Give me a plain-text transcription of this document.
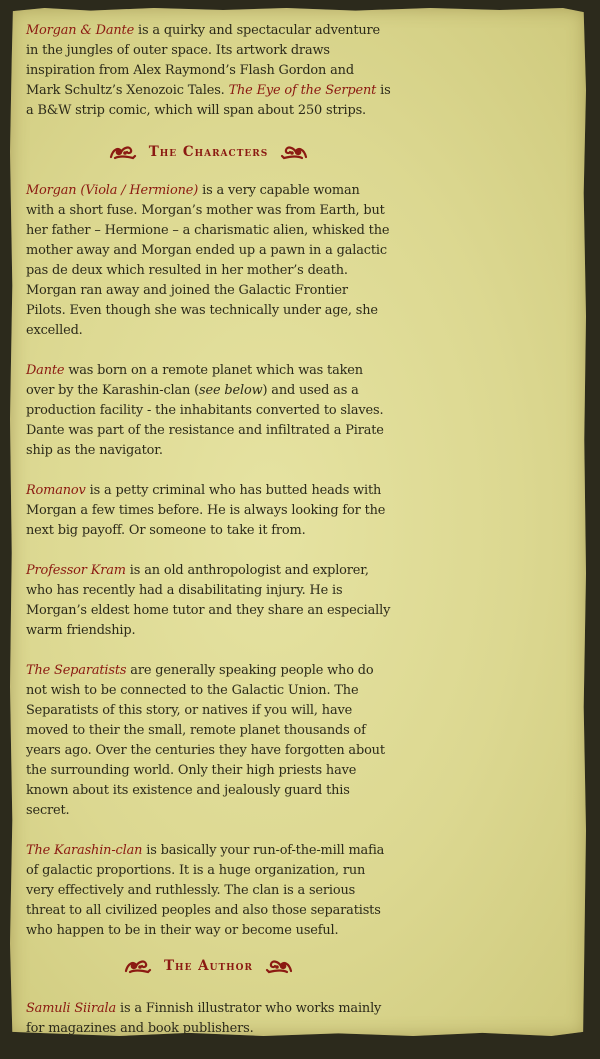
Morgan & Dante is a quirky and spectacular adventure in the jungles of outer space. Its artwork draws inspiration from Alex Raymond’s Flash Gordon and Mark Schultz’s Xenozoic Tales. The Eye of the Serpent is a B&W strip comic, which will span about 250 strips.

The Characters

Morgan (Viola / Hermione) is a very capable woman with a short fuse. Morgan’s mother was from Earth, but her father – Hermione – a charismatic alien, whisked the mother away and Morgan ended up a pawn in a galactic pas de deux which resulted in her mother’s death. Morgan ran away and joined the Galactic Frontier Pilots. Even though she was technically under age, she excelled.

Dante was born on a remote planet which was taken over by the Karashin-clan (see below) and used as a production facility - the inhabitants converted to slaves. Dante was part of the resistance and infiltrated a Pirate ship as the navigator.

Romanov is a petty criminal who has butted heads with Morgan a few times before. He is always looking for the next big payoff. Or someone to take it from.

Professor Kram is an old anthropologist and explorer, who has recently had a disabilitating injury. He is Morgan’s eldest home tutor and they share an especially warm friendship.

The Separatists are generally speaking people who do not wish to be connected to the Galactic Union. The Separatists of this story, or natives if you will, have moved to their the small, remote planet thousands of years ago. Over the centuries they have forgotten about the surrounding world. Only their high priests have known about its existence and jealously guard this secret.

The Karashin-clan is basically your run-of-the-mill mafia of galactic proportions. It is a huge organization, run very effectively and ruthlessly. The clan is a serious threat to all civilized peoples and also those separatists who happen to be in their way or become useful.

The Author

Samuli Siirala is a Finnish illustrator who works mainly for magazines and book publishers.
